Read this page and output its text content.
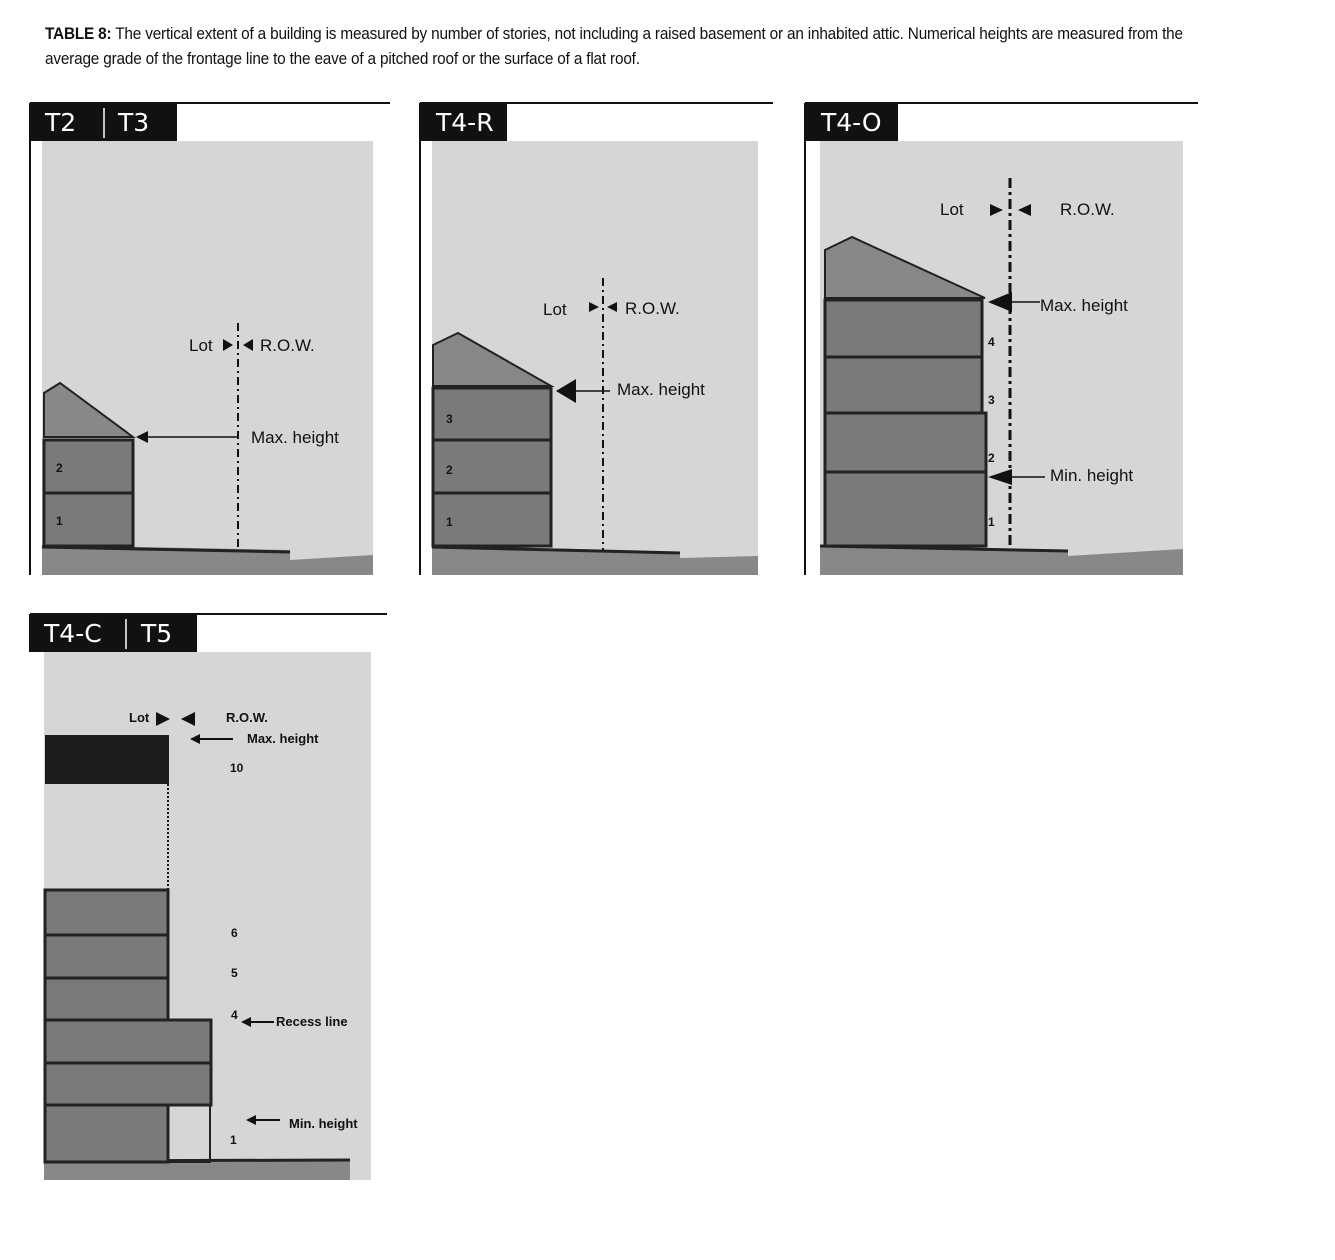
TABLE 8: The vertical extent of a building is measured by number of stories, not including a raised basement or an inhabited attic. Numerical heights are measured from the average grade of the frontage line to the eave of a pitched roof or the surface of a flat roof.
T2 T3
2
1
Lot	R.O.W.
Max. height
T4-R
3
2
1
Lot	R.O.W.
Max. height
T4-O
4
3
2
1
Lot	R.O.W.
Max. height
Min. height
T4-C T5
Lot	R.O.W.
Max. height
10
6
5
4	Recess line
Min. height
1
